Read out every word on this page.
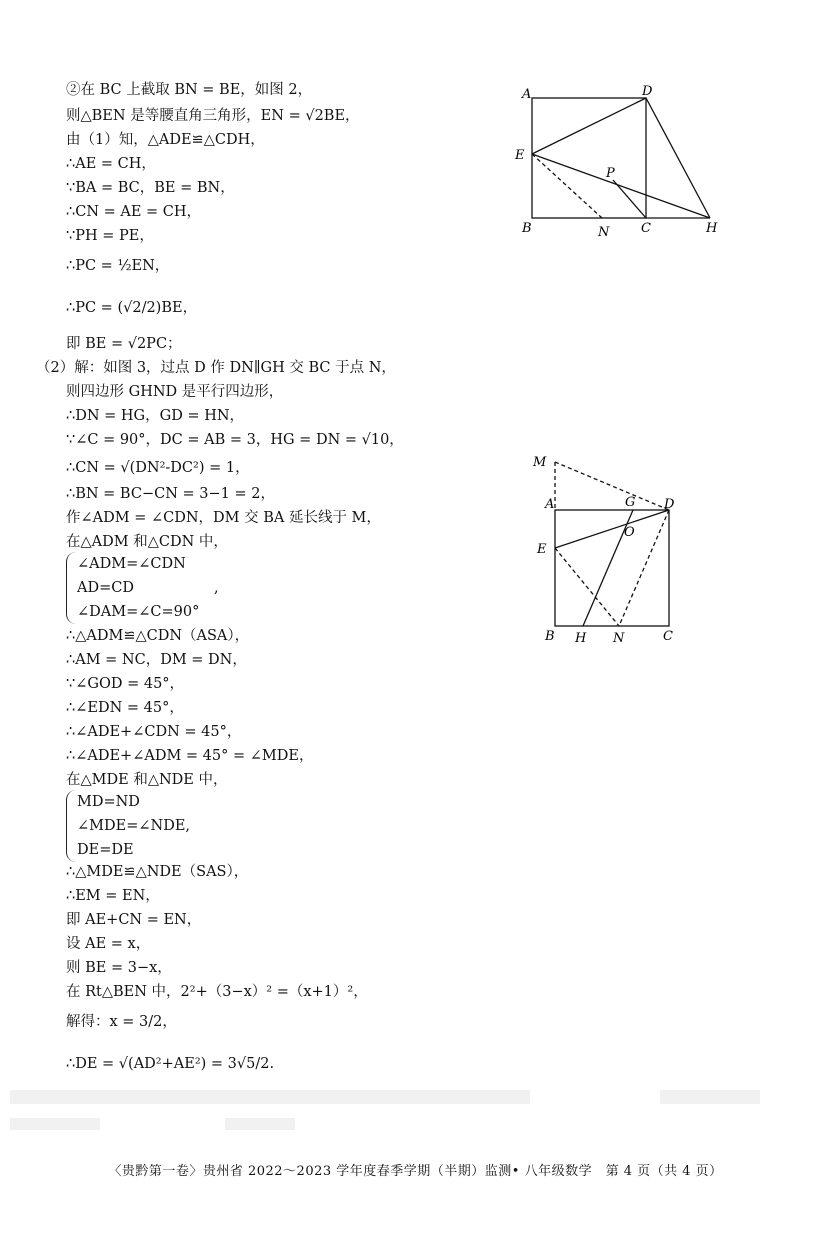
②在 BC 上截取 BN = BE，如图 2，
则△BEN 是等腰直角三角形，EN = √2BE，
由（1）知，△ADE≌△CDH，
∴AE = CH，
∵BA = BC，BE = BN，
∴CN = AE = CH，
∵PH = PE，
∴PC = ½EN，
∴PC = (√2/2)BE，
即 BE = √2PC；
（2）解：如图 3，过点 D 作 DN∥GH 交 BC 于点 N，
则四边形 GHND 是平行四边形，
∴DN = HG，GD = HN，
∵∠C = 90°，DC = AB = 3，HG = DN = √10，
∴CN = √(DN²-DC²) = 1，
∴BN = BC−CN = 3−1 = 2，
作∠ADM = ∠CDN，DM 交 BA 延长线于 M，
在△ADM 和△CDN 中，
∠ADM=∠CDN
AD=CD
∠DAM=∠C=90°
,
∴△ADM≌△CDN（ASA），
∴AM = NC，DM = DN，
∵∠GOD = 45°，
∴∠EDN = 45°，
∴∠ADE+∠CDN = 45°，
∴∠ADE+∠ADM = 45° = ∠MDE，
在△MDE 和△NDE 中，
MD=ND
∠MDE=∠NDE,
DE=DE
∴△MDE≌△NDE（SAS），
∴EM = EN，
即 AE+CN = EN，
设 AE = x，
则 BE = 3−x，
在 Rt△BEN 中，2²+（3−x）² =（x+1）²，
解得：x = 3/2，
∴DE = √(AD²+AE²) = 3√5/2.
A	D
E
P
B	N C	H
M
A	G D
O
E
B H N	C
〈贵黔第一卷〉贵州省 2022～2023 学年度春季学期（半期）监测• 八年级数学　第 4 页（共 4 页）
